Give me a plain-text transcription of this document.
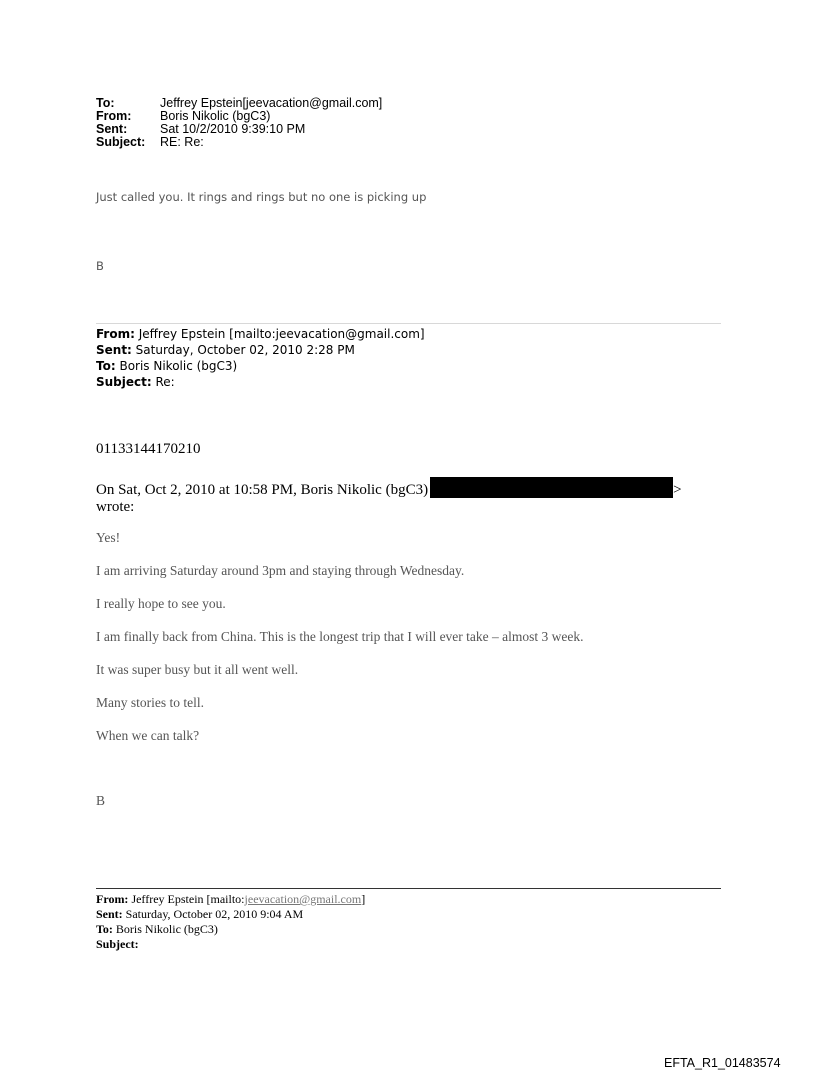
To:	Jeffrey Epstein[jeevacation@gmail.com]
From:	Boris Nikolic (bgC3)
Sent:	Sat 10/2/2010 9:39:10 PM
Subject:	RE: Re:
Just called you. It rings and rings but no one is picking up
B
From: Jeffrey Epstein [mailto:jeevacation@gmail.com]
Sent: Saturday, October 02, 2010 2:28 PM
To: Boris Nikolic (bgC3)
Subject: Re:
01133144170210
On Sat, Oct 2, 2010 at 10:58 PM, Boris Nikolic (bgC3)	>
wrote:
Yes!
I am arriving Saturday around 3pm and staying through Wednesday.
I really hope to see you.
I am finally back from China. This is the longest trip that I will ever take – almost 3 week.
It was super busy but it all went well.
Many stories to tell.
When we can talk?
B
From: Jeffrey Epstein [mailto:jeevacation@gmail.com]
Sent: Saturday, October 02, 2010 9:04 AM
To: Boris Nikolic (bgC3)
Subject:
EFTA_R1_01483574
